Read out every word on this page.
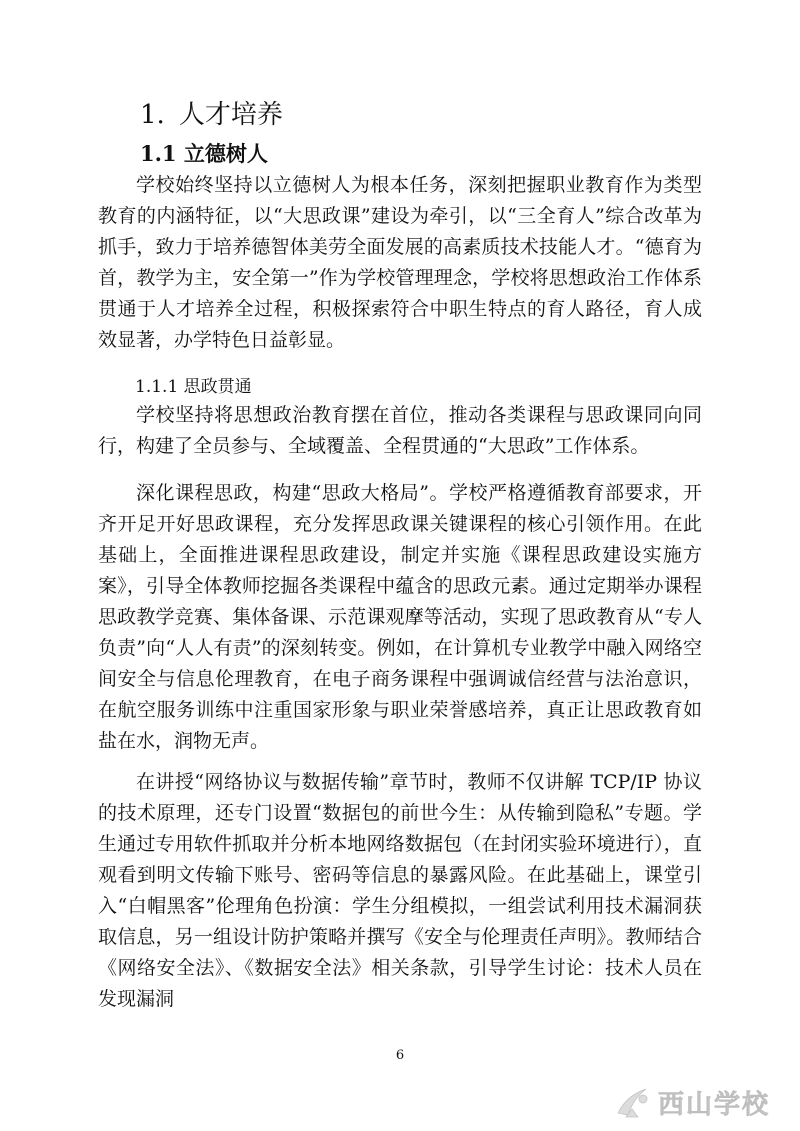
1. 人才培养
1.1 立德树人

学校始终坚持以立德树人为根本任务，深刻把握职业教育作为类型教育的内涵特征，以“大思政课”建设为牵引，以“三全育人”综合改革为抓手，致力于培养德智体美劳全面发展的高素质技术技能人才。“德育为首，教学为主，安全第一”作为学校管理理念，学校将思想政治工作体系贯通于人才培养全过程，积极探索符合中职生特点的育人路径，育人成效显著，办学特色日益彰显。

1.1.1 思政贯通

学校坚持将思想政治教育摆在首位，推动各类课程与思政课同向同行，构建了全员参与、全域覆盖、全程贯通的“大思政”工作体系。

深化课程思政，构建“思政大格局”。学校严格遵循教育部要求，开齐开足开好思政课程，充分发挥思政课关键课程的核心引领作用。在此基础上，全面推进课程思政建设，制定并实施《课程思政建设实施方案》，引导全体教师挖掘各类课程中蕴含的思政元素。通过定期举办课程思政教学竞赛、集体备课、示范课观摩等活动，实现了思政教育从“专人负责”向“人人有责”的深刻转变。例如，在计算机专业教学中融入网络空间安全与信息伦理教育，在电子商务课程中强调诚信经营与法治意识，在航空服务训练中注重国家形象与职业荣誉感培养，真正让思政教育如盐在水，润物无声。

在讲授“网络协议与数据传输”章节时，教师不仅讲解 TCP/IP 协议的技术原理，还专门设置“数据包的前世今生：从传输到隐私”专题。学生通过专用软件抓取并分析本地网络数据包（在封闭实验环境进行），直观看到明文传输下账号、密码等信息的暴露风险。在此基础上，课堂引入“白帽黑客”伦理角色扮演：学生分组模拟，一组尝试利用技术漏洞获取信息，另一组设计防护策略并撰写《安全与伦理责任声明》。教师结合《网络安全法》、《数据安全法》相关条款，引导学生讨论：技术人员在发现漏洞

6
西山学校
